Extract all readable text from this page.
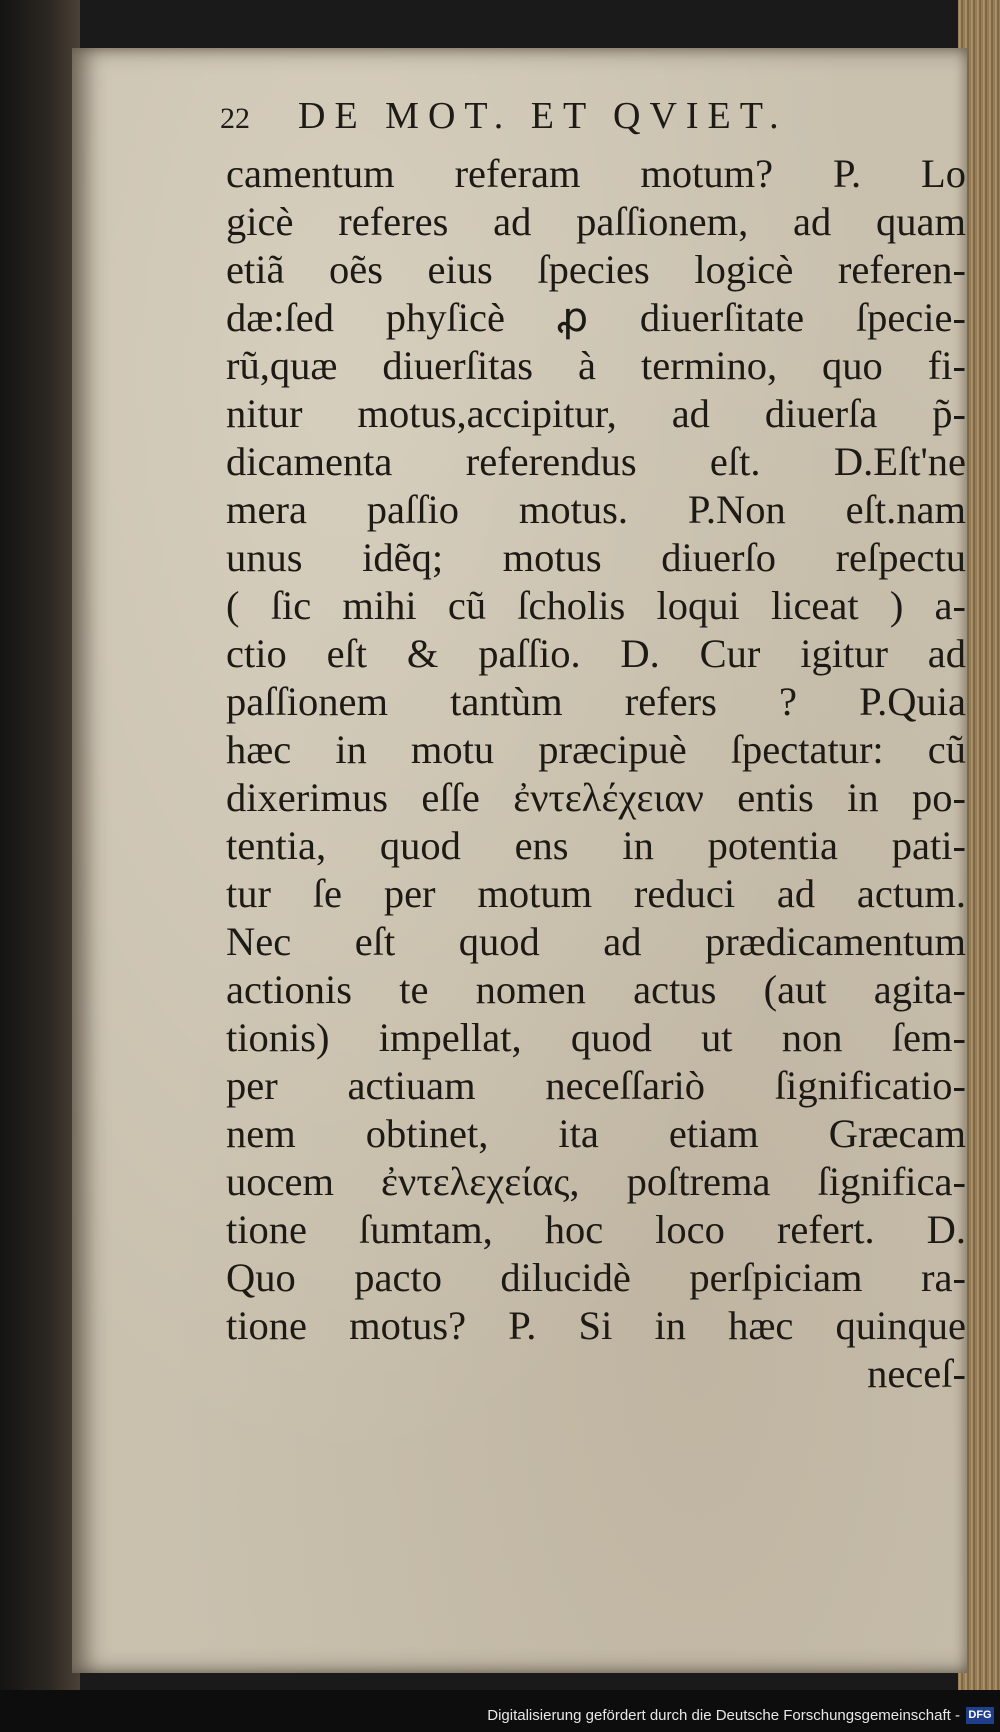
22	DE MOT. ET QVIET.
camentum referam motum? P. Lo
gicè referes ad paſſionem, ad quam
etiã oẽs eius ſpecies logicè referen-
dæ:ſed phyſicè ꝓ diuerſitate ſpecie-
rũ,quæ diuerſitas à termino, quo fi-
nitur motus,accipitur, ad diuerſa p̃-
dicamenta referendus eſt. D.Eſt'ne
mera paſſio motus. P.Non eſt.nam
unus idẽq; motus diuerſo reſpectu
( ſic mihi cũ ſcholis loqui liceat ) a-
ctio eſt & paſſio. D. Cur igitur ad
paſſionem tantùm refers ? P.Quia
hæc in motu præcipuè ſpectatur: cũ
dixerimus eſſe ἐντελέχειαν entis in po-
tentia, quod ens in potentia pati-
tur ſe per motum reduci ad actum.
Nec eſt quod ad prædicamentum
actionis te nomen actus (aut agita-
tionis) impellat, quod ut non ſem-
per actiuam neceſſariò ſignificatio-
nem obtinet, ita etiam Græcam
uocem ἐντελεχείας, poſtrema ſignifica-
tione ſumtam, hoc loco refert. D.
Quo pacto dilucidè perſpiciam ra-
tione motus? P. Si in hæc quinque
neceſ-
Digitalisierung gefördert durch die Deutsche Forschungsgemeinschaft - DFG
